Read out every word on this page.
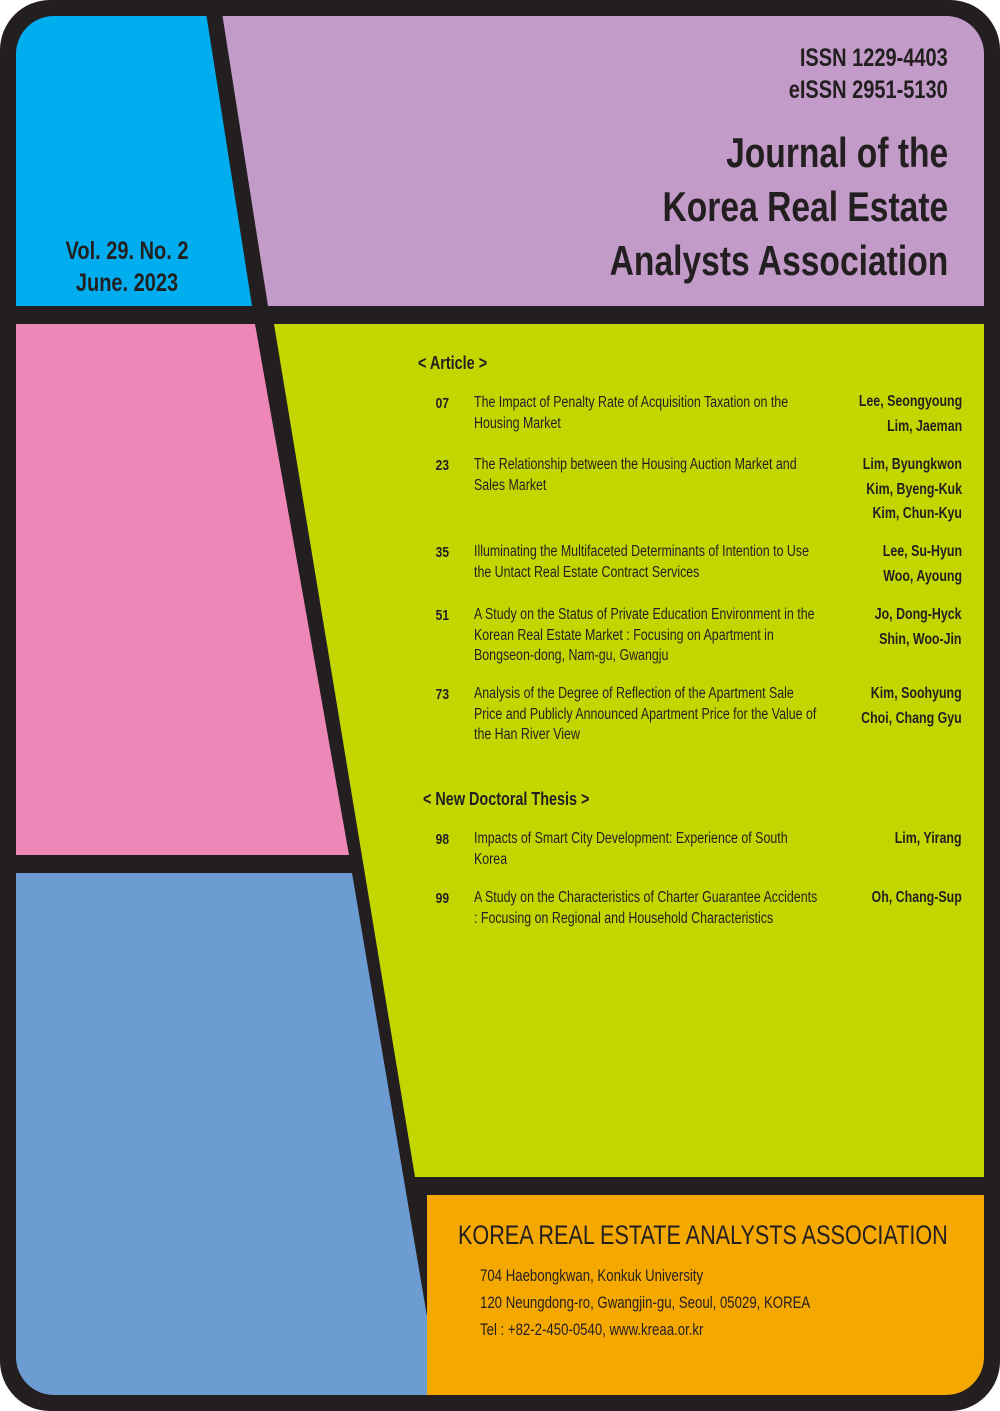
ISSN 1229-4403
eISSN 2951-5130
Journal of the
Korea Real Estate
Analysts Association
Vol. 29. No. 2
June. 2023
< Article >
07 The Impact of Penalty Rate of Acquisition Taxation on the Housing Market
Lee, Seongyoung
Lim, Jaeman
23 The Relationship between the Housing Auction Market and Sales Market
Lim, Byungkwon
Kim, Byeng-Kuk
Kim, Chun-Kyu
35 Illuminating the Multifaceted Determinants of Intention to Use the Untact Real Estate Contract Services
Lee, Su-Hyun
Woo, Ayoung
51 A Study on the Status of Private Education Environment in the Korean Real Estate Market : Focusing on Apartment in Bongseon-dong, Nam-gu, Gwangju
Jo, Dong-Hyck
Shin, Woo-Jin
73 Analysis of the Degree of Reflection of the Apartment Sale Price and Publicly Announced Apartment Price for the Value of the Han River View
Kim, Soohyung
Choi, Chang Gyu
< New Doctoral Thesis >
98 Impacts of Smart City Development: Experience of South Korea
Lim, Yirang
99 A Study on the Characteristics of Charter Guarantee Accidents : Focusing on Regional and Household Characteristics
Oh, Chang-Sup
KOREA REAL ESTATE ANALYSTS ASSOCIATION
704 Haebongkwan, Konkuk University
120 Neungdong-ro, Gwangjin-gu, Seoul, 05029, KOREA
Tel : +82-2-450-0540, www.kreaa.or.kr
